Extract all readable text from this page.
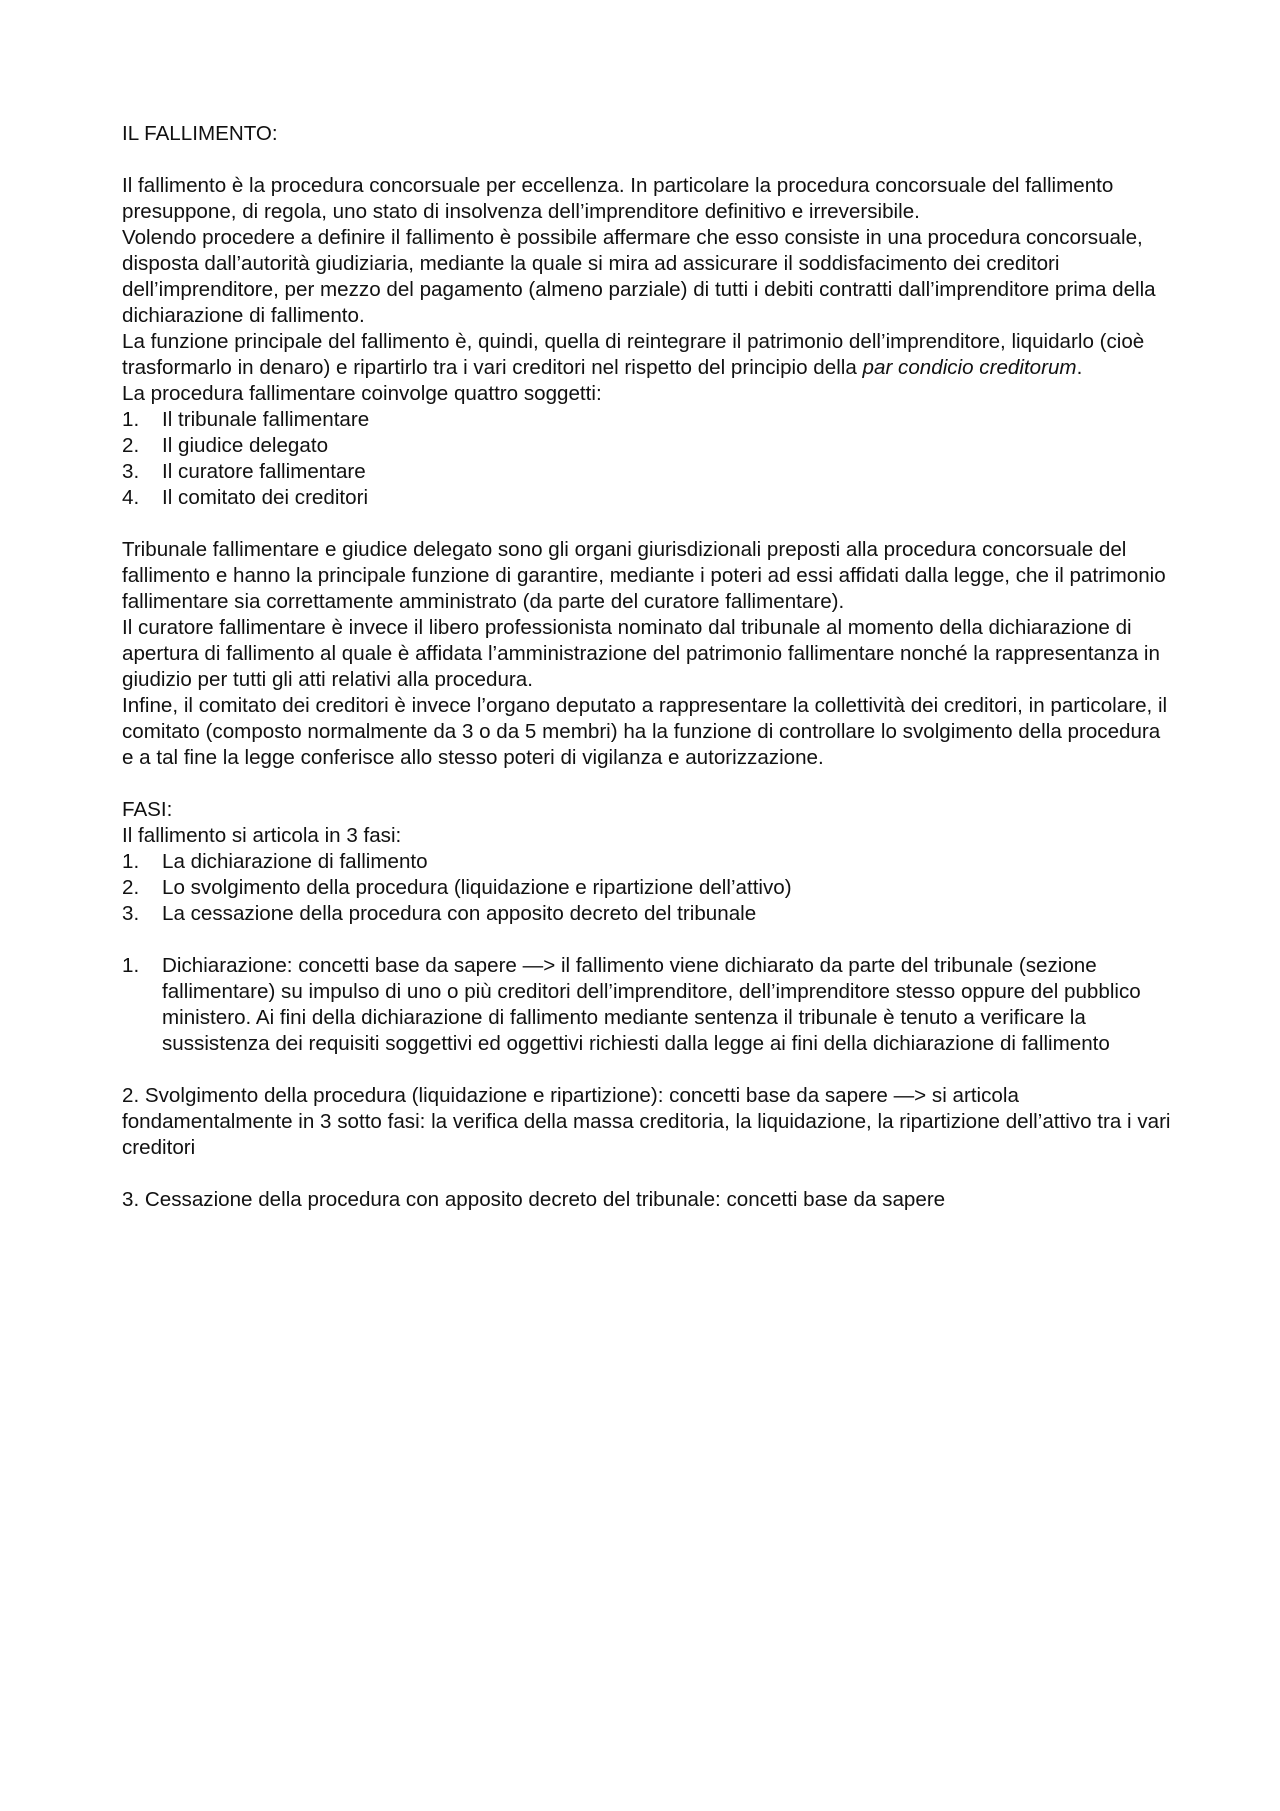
IL FALLIMENTO:

Il fallimento è la procedura concorsuale per eccellenza. In particolare la procedura concorsuale del fallimento presuppone, di regola, uno stato di insolvenza dell’imprenditore definitivo e irreversibile.

Volendo procedere a definire il fallimento è possibile affermare che esso consiste in una procedura concorsuale, disposta dall’autorità giudiziaria, mediante la quale si mira ad assicurare il soddisfacimento dei creditori dell’imprenditore, per mezzo del pagamento (almeno parziale) di tutti i debiti contratti dall’imprenditore prima della dichiarazione di fallimento.

La funzione principale del fallimento è, quindi, quella di reintegrare il patrimonio dell’imprenditore, liquidarlo (cioè trasformarlo in denaro) e ripartirlo tra i vari creditori nel rispetto del principio della par condicio creditorum.

La procedura fallimentare coinvolge quattro soggetti:

1. Il tribunale fallimentare
2. Il giudice delegato
3. Il curatore fallimentare
4. Il comitato dei creditori

Tribunale fallimentare e giudice delegato sono gli organi giurisdizionali preposti alla procedura concorsuale del fallimento e hanno la principale funzione di garantire, mediante i poteri ad essi affidati dalla legge, che il patrimonio fallimentare sia correttamente amministrato (da parte del curatore fallimentare).

Il curatore fallimentare è invece il libero professionista nominato dal tribunale al momento della dichiarazione di apertura di fallimento al quale è affidata l’amministrazione del patrimonio fallimentare nonché la rappresentanza in giudizio per tutti gli atti relativi alla procedura.

Infine, il comitato dei creditori è invece l’organo deputato a rappresentare la collettività dei creditori, in particolare, il comitato (composto normalmente da 3 o da 5 membri) ha la funzione di controllare lo svolgimento della procedura e a tal fine la legge conferisce allo stesso poteri di vigilanza e autorizzazione.

FASI:

Il fallimento si articola in 3 fasi:

1. La dichiarazione di fallimento
2. Lo svolgimento della procedura (liquidazione e ripartizione dell’attivo)
3. La cessazione della procedura con apposito decreto del tribunale
1. Dichiarazione: concetti base da sapere —> il fallimento viene dichiarato da parte del tribunale (sezione fallimentare) su impulso di uno o più creditori dell’imprenditore, dell’imprenditore stesso oppure del pubblico ministero. Ai fini della dichiarazione di fallimento mediante sentenza il tribunale è tenuto a verificare la sussistenza dei requisiti soggettivi ed oggettivi richiesti dalla legge ai fini della dichiarazione di fallimento

2. Svolgimento della procedura (liquidazione e ripartizione): concetti base da sapere —> si articola fondamentalmente in 3 sotto fasi: la verifica della massa creditoria, la liquidazione, la ripartizione dell’attivo tra i vari creditori

3. Cessazione della procedura con apposito decreto del tribunale: concetti base da sapere
